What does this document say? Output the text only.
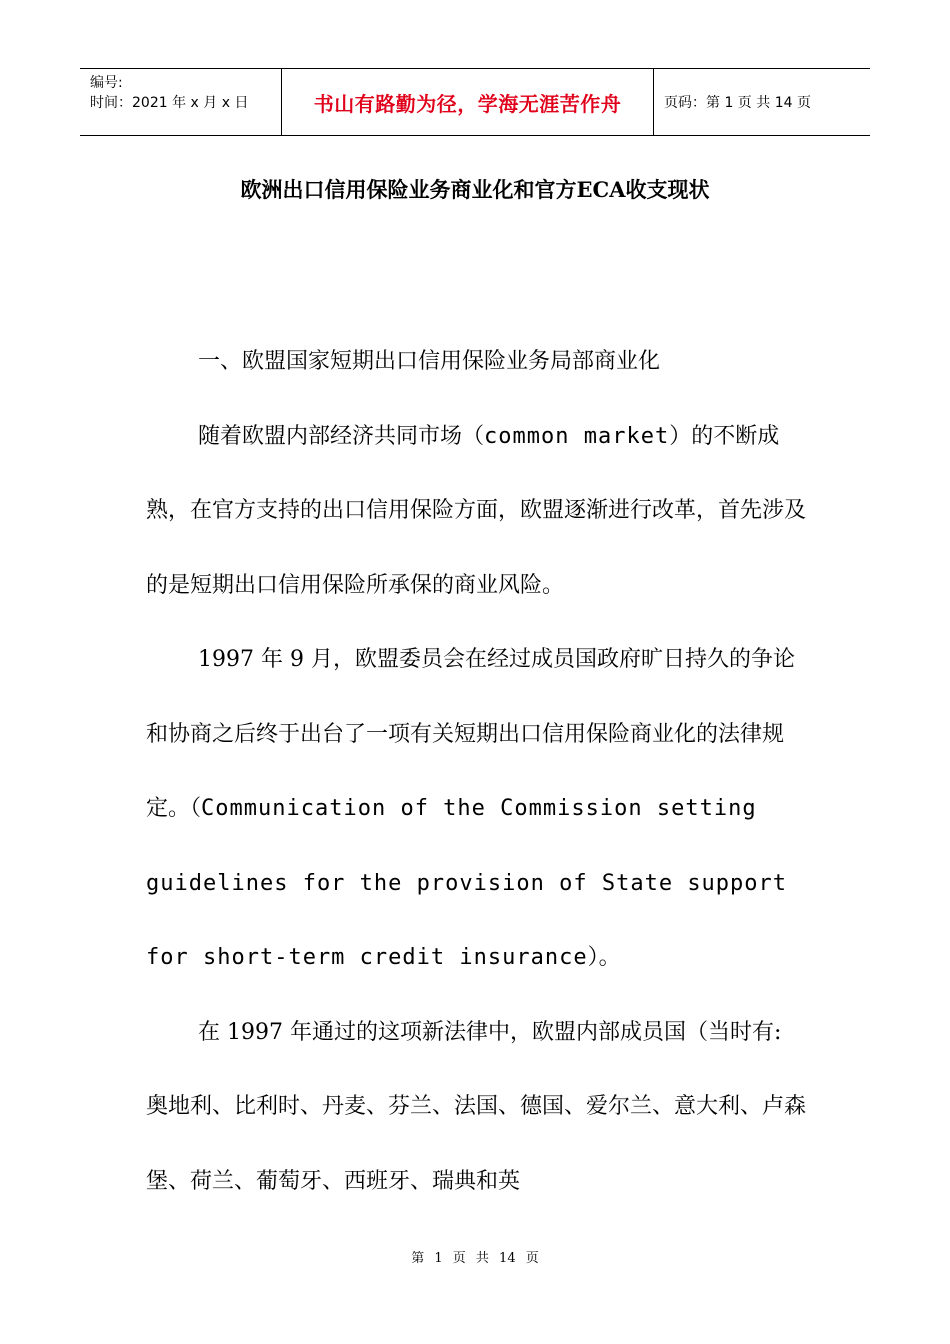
编号:
时间：2021 年 x 月 x 日	书山有路勤为径，学海无涯苦作舟	页码：第 1 页 共 14 页
欧洲出口信用保险业务商业化和官方ECA收支现状

一、欧盟国家短期出口信用保险业务局部商业化

随着欧盟内部经济共同市场（common market）的不断成熟，在官方支持的出口信用保险方面，欧盟逐渐进行改革，首先涉及的是短期出口信用保险所承保的商业风险。

1997 年 9 月，欧盟委员会在经过成员国政府旷日持久的争论和协商之后终于出台了一项有关短期出口信用保险商业化的法律规定。（Communication of the Commission setting guidelines for the provision of State support for short-term credit insurance）。

在 1997 年通过的这项新法律中，欧盟内部成员国（当时有: 奥地利、比利时、丹麦、芬兰、法国、德国、爱尔兰、意大利、卢森堡、荷兰、葡萄牙、西班牙、瑞典和英

第 1 页 共 14 页
